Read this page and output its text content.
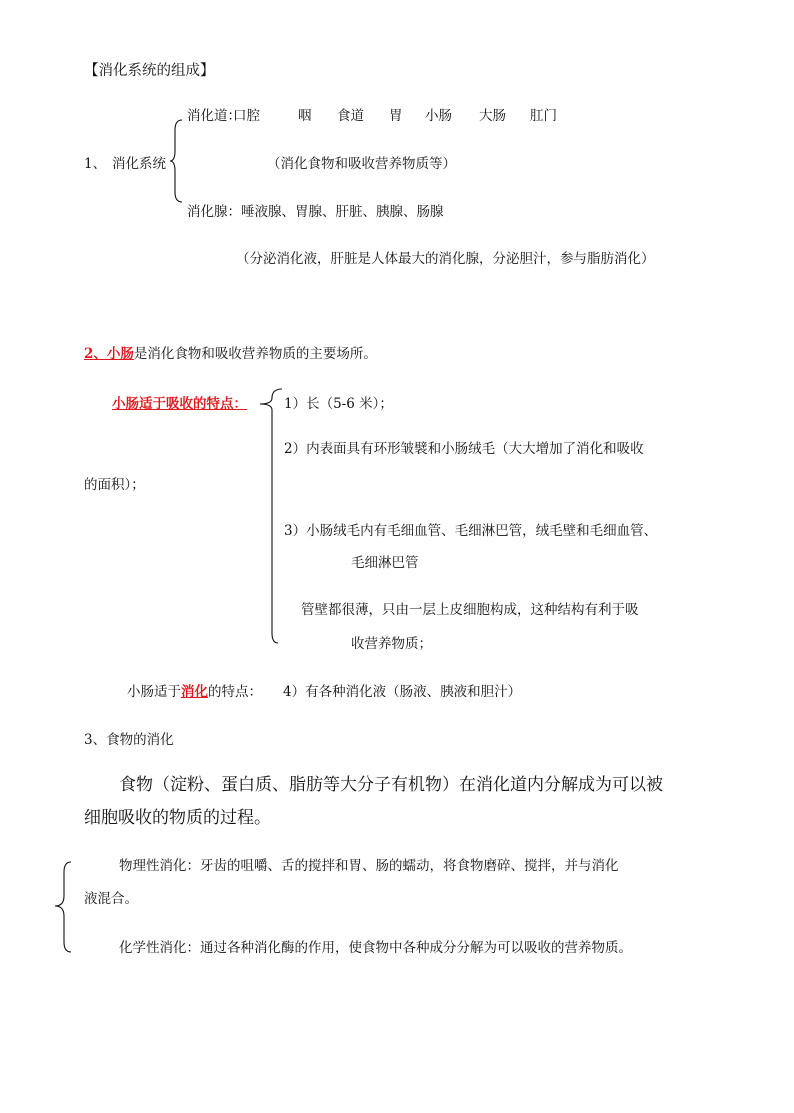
【消化系统的组成】
消化道：
口腔	咽 食道 胃 小肠 大肠 肛门
1、 消化系统	（消化食物和吸收营养物质等）
消化腺：唾液腺、胃腺、肝脏、胰腺、肠腺
（分泌消化液，肝脏是人体最大的消化腺，分泌胆汁，参与脂肪消化）
2、小肠是消化食物和吸收营养物质的主要场所。
小肠适于吸收的特点：	1）长（5-6 米）；
2）内表面具有环形皱襞和小肠绒毛（大大增加了消化和吸收
的面积）；
3）小肠绒毛内有毛细血管、毛细淋巴管，绒毛壁和毛细血管、
毛细淋巴管
管壁都很薄，只由一层上皮细胞构成，这种结构有利于吸
收营养物质；
小肠适于消化的特点： 4）有各种消化液（肠液、胰液和胆汁）
3、食物的消化
食物（淀粉、蛋白质、脂肪等大分子有机物）在消化道内分解成为可以被
细胞吸收的物质的过程。
物理性消化：牙齿的咀嚼、舌的搅拌和胃、肠的蠕动，将食物磨碎、搅拌，并与消化
液混合。
化学性消化：通过各种消化酶的作用，使食物中各种成分分解为可以吸收的营养物质。
